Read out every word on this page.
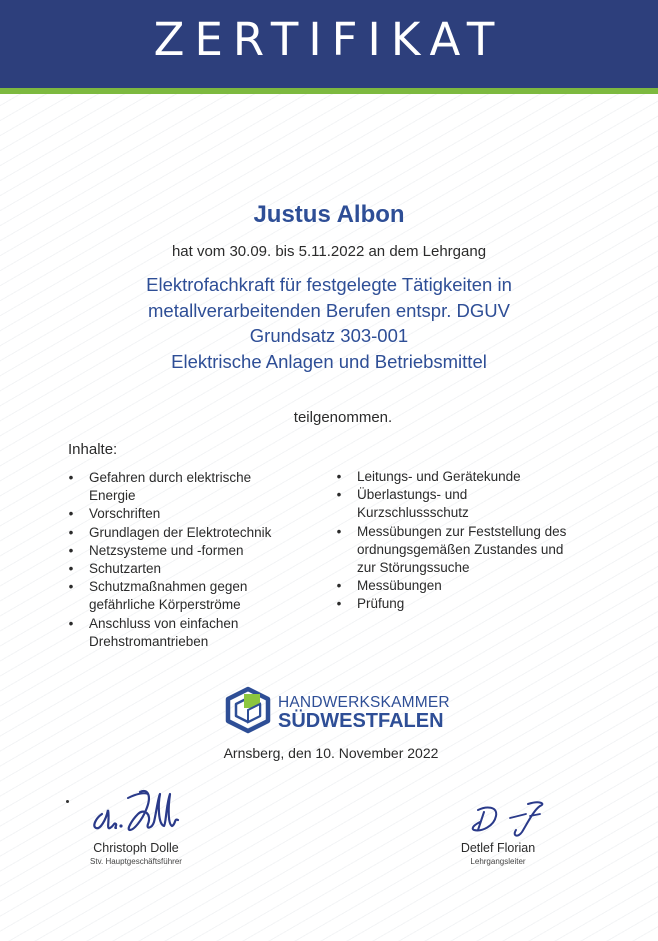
ZERTIFIKAT
Justus Albon
hat vom 30.09. bis 5.11.2022 an dem Lehrgang
Elektrofachkraft für festgelegte Tätigkeiten in
metallverarbeitenden Berufen entspr. DGUV
Grundsatz 303-001
Elektrische Anlagen und Betriebsmittel
teilgenommen.
Inhalte:
• Gefahren durch elektrische
Energie
• Vorschriften
• Grundlagen der Elektrotechnik
• Netzsysteme und -formen
• Schutzarten
• Schutzmaßnahmen gegen
gefährliche Körperströme
• Anschluss von einfachen
Drehstromantrieben
• Leitungs- und Gerätekunde
• Überlastungs- und
Kurzschlussschutz
• Messübungen zur Feststellung des
ordnungsgemäßen Zustandes und
zur Störungssuche
• Messübungen
• Prüfung
HANDWERKSKAMMER
SÜDWESTFALEN
Arnsberg, den 10. November 2022
Christoph Dolle
Stv. Hauptgeschäftsführer
Detlef Florian
Lehrgangsleiter
